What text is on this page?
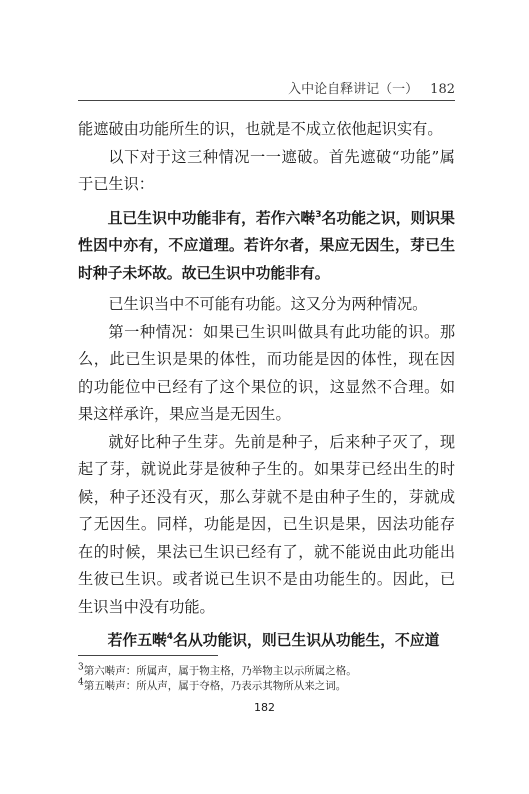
入中论自释讲记（一） 182

能遮破由功能所生的识，也就是不成立依他起识实有。

以下对于这三种情况一一遮破。首先遮破“功能”属于已生识：

且已生识中功能非有，若作六啭$^3$名功能之识，则识果性因中亦有，不应道理。若许尔者，果应无因生，芽已生时种子未坏故。故已生识中功能非有。

已生识当中不可能有功能。这又分为两种情况。

第一种情况：如果已生识叫做具有此功能的识。那么，此已生识是果的体性，而功能是因的体性，现在因的功能位中已经有了这个果位的识，这显然不合理。如果这样承许，果应当是无因生。

就好比种子生芽。先前是种子，后来种子灭了，现起了芽，就说此芽是彼种子生的。如果芽已经出生的时候，种子还没有灭，那么芽就不是由种子生的，芽就成了无因生。同样，功能是因，已生识是果，因法功能存在的时候，果法已生识已经有了，就不能说由此功能出生彼已生识。或者说已生识不是由功能生的。因此，已生识当中没有功能。

若作五啭$^4$名从功能识，则已生识从功能生，不应道

$^3$第六啭声：所属声，属于物主格，乃举物主以示所属之格。

$^4$第五啭声：所从声，属于夺格，乃表示其物所从来之词。

182
